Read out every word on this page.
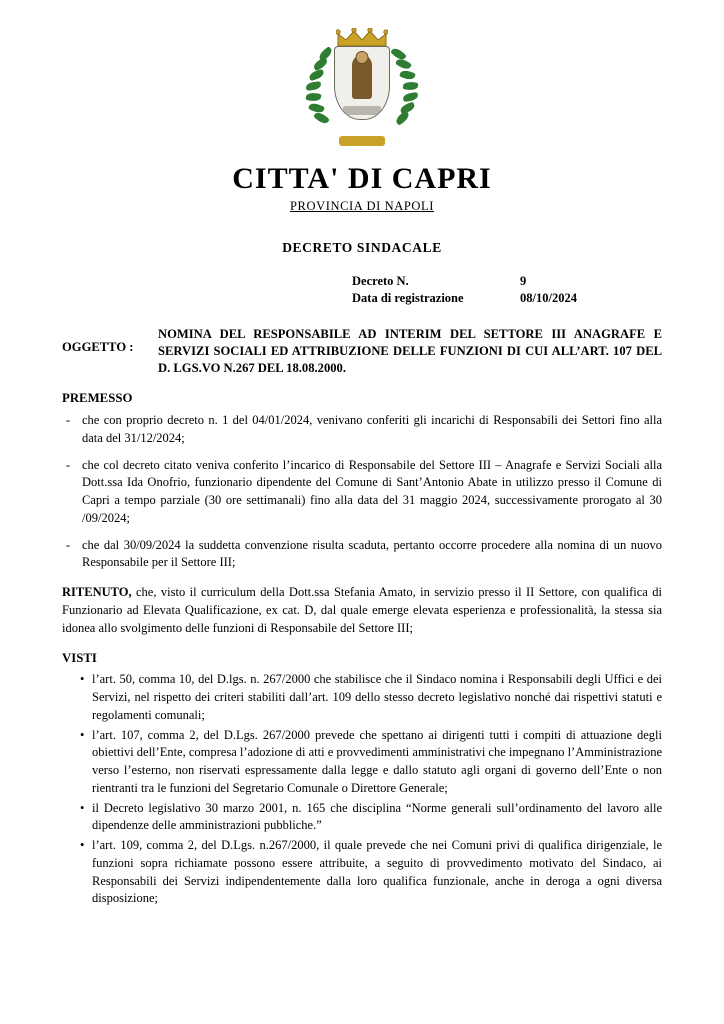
CITTA' DI CAPRI
PROVINCIA DI NAPOLI
DECRETO SINDACALE
Decreto N.	9
Data di registrazione	08/10/2024
OGGETTO :
NOMINA DEL RESPONSABILE AD INTERIM DEL SETTORE III ANAGRAFE E SERVIZI SOCIALI ED ATTRIBUZIONE DELLE FUNZIONI DI CUI ALL’ART. 107 DEL D. LGS.VO N.267 DEL 18.08.2000.
PREMESSO
- che con proprio decreto n. 1 del 04/01/2024, venivano conferiti gli incarichi di Responsabili dei Settori fino alla data del 31/12/2024;
- che col decreto citato veniva conferito l’incarico di Responsabile del Settore III – Anagrafe e Servizi Sociali alla Dott.ssa Ida Onofrio, funzionario dipendente del Comune di Sant’Antonio Abate in utilizzo presso il Comune di Capri a tempo parziale (30 ore settimanali) fino alla data del 31 maggio 2024, successivamente prorogato al 30 /09/2024;
- che dal 30/09/2024 la suddetta convenzione risulta scaduta, pertanto occorre procedere alla nomina di un nuovo Responsabile per il Settore III;
RITENUTO, che, visto il curriculum della Dott.ssa Stefania Amato, in servizio presso il II Settore, con qualifica di Funzionario ad Elevata Qualificazione, ex cat. D, dal quale emerge elevata esperienza e professionalità, la stessa sia idonea allo svolgimento delle funzioni di Responsabile del Settore III;
VISTI
• l’art. 50, comma 10, del D.lgs. n. 267/2000 che stabilisce che il Sindaco nomina i Responsabili degli Uffici e dei Servizi, nel rispetto dei criteri stabiliti dall’art. 109 dello stesso decreto legislativo nonché dai rispettivi statuti e regolamenti comunali;
• l’art. 107, comma 2, del D.Lgs. 267/2000 prevede che spettano ai dirigenti tutti i compiti di attuazione degli obiettivi dell’Ente, compresa l’adozione di atti e provvedimenti amministrativi che impegnano l’Amministrazione verso l’esterno, non riservati espressamente dalla legge e dallo statuto agli organi di governo dell’Ente o non rientranti tra le funzioni del Segretario Comunale o Direttore Generale;
• il Decreto legislativo 30 marzo 2001, n. 165 che disciplina “Norme generali sull’ordinamento del lavoro alle dipendenze delle amministrazioni pubbliche.”
• l’art. 109, comma 2, del D.Lgs. n.267/2000, il quale prevede che nei Comuni privi di qualifica dirigenziale, le funzioni sopra richiamate possono essere attribuite, a seguito di provvedimento motivato del Sindaco, ai Responsabili dei Servizi indipendentemente dalla loro qualifica funzionale, anche in deroga a ogni diversa disposizione;
